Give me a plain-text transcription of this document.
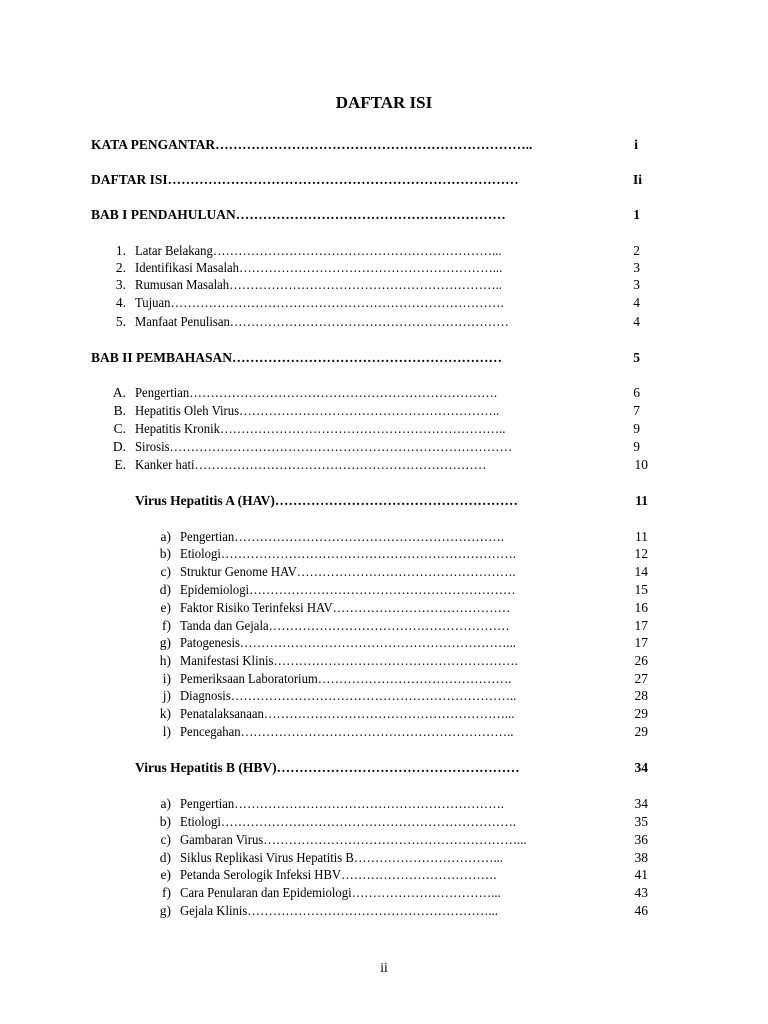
DAFTAR ISI
KATA PENGANTAR……………………………………………………………..	i
DAFTAR ISI……………………………………………………………………	Ii
BAB I PENDAHULUAN……………………………………………………	1
1. Latar Belakang…………………………………………………………...	2
2. Identifikasi Masalah……………………………………………………...	3
3. Rumusan Masalah………………………………………………………..	3
4. Tujuan…………………………………………………………………….	4
5. Manfaat Penulisan…………………………………………………………	4
BAB II PEMBAHASAN……………………………………………………	5
A. Pengertian……………………………………………………………….	6
B. Hepatitis Oleh Virus……………………………………………………..	7
C. Hepatitis Kronik…………………………………………………………..	9
D. Sirosis………………………………………………………………………	9
E. Kanker hati……………………………………………………………	10
Virus Hepatitis A (HAV)………………………………………………	11
a) Pengertian……………………………………………………….	11
b) Etiologi…………………………………………………………….	12
c) Struktur Genome HAV…………………………………………….	14
d) Epidemiologi………………………………………………………	15
e) Faktor Risiko Terinfeksi HAV……………………………………	16
f) Tanda dan Gejala…………………………………………………	17
g) Patogenesis………………………………………………………...	17
h) Manifestasi Klinis………………………………………………….	26
i) Pemeriksaan Laboratorium……………………………………….	27
j) Diagnosis…………………………………………………………..	28
k) Penatalaksanaan…………………………………………………...	29
l) Pencegahan………………………………………………………..	29
Virus Hepatitis B (HBV)………………………………………………	34
a) Pengertian……………………………………………………….	34
b) Etiologi…………………………………………………………….	35
c) Gambaran Virus……………………………………………………...	36
d) Siklus Replikasi Virus Hepatitis B……………………………...	38
e) Petanda Serologik Infeksi HBV……………………………….	41
f) Cara Penularan dan Epidemiologi……………………………...	43
g) Gejala Klinis…………………………………………………...	46
ii
